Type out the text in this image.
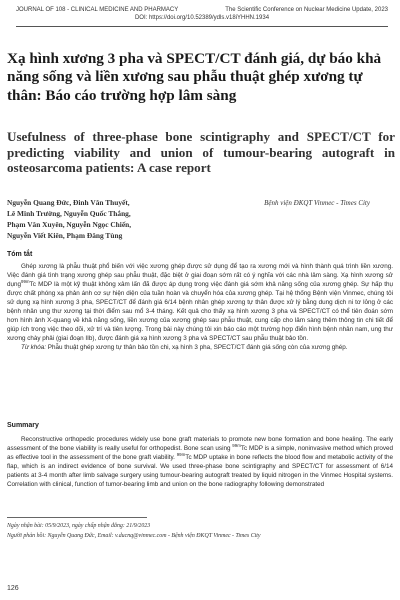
JOURNAL OF 108 - CLINICAL MEDICINE AND PHARMACY	The Scientific Conference on Nuclear Medicine Update, 2023
DOI: https://doi.org/10.52389/ydls.v18iYHHN.1934
Xạ hình xương 3 pha và SPECT/CT đánh giá, dự báo khả năng sống và liền xương sau phẫu thuật ghép xương tự thân: Báo cáo trường hợp lâm sàng
Usefulness of three-phase bone scintigraphy and SPECT/CT for predicting viability and union of tumour-bearing autograft in osteosarcoma patients: A case report
Nguyễn Quang Đức, Đinh Văn Thuyết,
Lê Minh Trường, Nguyễn Quốc Thắng,
Phạm Văn Xuyên, Nguyễn Ngọc Chiến,
Nguyễn Viết Kiên, Phạm Đăng Tùng
Bệnh viện ĐKQT Vinmec - Times City
Tóm tắt

Ghép xương là phẫu thuật phổ biến với việc xương ghép được sử dụng để tạo ra xương mới và hình thành quá trình liền xương. Việc đánh giá tình trạng xương ghép sau phẫu thuật, đặc biệt ở giai đoạn sớm rất có ý nghĩa với các nhà lâm sàng. Xạ hình xương sử dụng$^{99m}$Tc MDP là một kỹ thuật không xâm lấn đã được áp dụng trong việc đánh giá sớm khả năng sống của xương ghép. Sự hấp thụ được chất phóng xạ phản ánh cơ sự hiện diện của tuần hoàn và chuyển hóa của xương ghép. Tại hệ thống Bệnh viện Vinmec, chúng tôi sử dụng xạ hình xương 3 pha, SPECT/CT để đánh giá 6/14 bệnh nhân ghép xương tự thân được xử lý bằng dung dịch ni tơ lỏng ở các bệnh nhân ung thư xương tại thời điểm sau mổ 3-4 tháng. Kết quả cho thấy xạ hình xương 3 pha và SPECT/CT có thể tiên đoán sớm hơn hình ảnh X-quang về khả năng sống, liền xương của xương ghép sau phẫu thuật, cung cấp cho lâm sàng thêm thông tin chi tiết để giúp ích trong việc theo dõi, xử trí và tiên lượng. Trong bài này chúng tôi xin báo cáo một trường hợp điển hình bệnh nhân nam, ung thư xương chày phải (giai đoạn IIb), được đánh giá xạ hình xương 3 pha và SPECT/CT sau phẫu thuật bảo tồn.

Từ khóa: Phẫu thuật ghép xương tự thân bảo tồn chi, xạ hình 3 pha, SPECT/CT đánh giá sống còn của xương ghép.

Summary

Reconstructive orthopedic procedures widely use bone graft materials to promote new bone formation and bone healing. The early assessment of the bone viability is really useful for orthopedist. Bone scan using $^{99m}$Tc MDP is a simple, noninvasive method which proved as effective tool in the assessment of the bone graft viability. $^{99m}$Tc MDP uptake in bone reflects the blood flow and metabolic activity of the flap, which is an indirect evidence of bone survival. We used three-phase bone scintigraphy and SPECT/CT for assessment of 6/14 patients at 3-4 month after limb salvage surgery using tumour-bearing autograft treated by liquid nitrogen in the Vinmec Hospital systems. Correlation with clinical, function of tumor-bearing limb and union on the bone radiography following demonstrated

Ngày nhận bài: 05/9/2023, ngày chấp nhận đăng: 21/9/2023
Người phản hồi: Nguyễn Quang Đức, Email: v.ducnq@vinmec.com - Bệnh viện ĐKQT Vinmec - Times City
126
